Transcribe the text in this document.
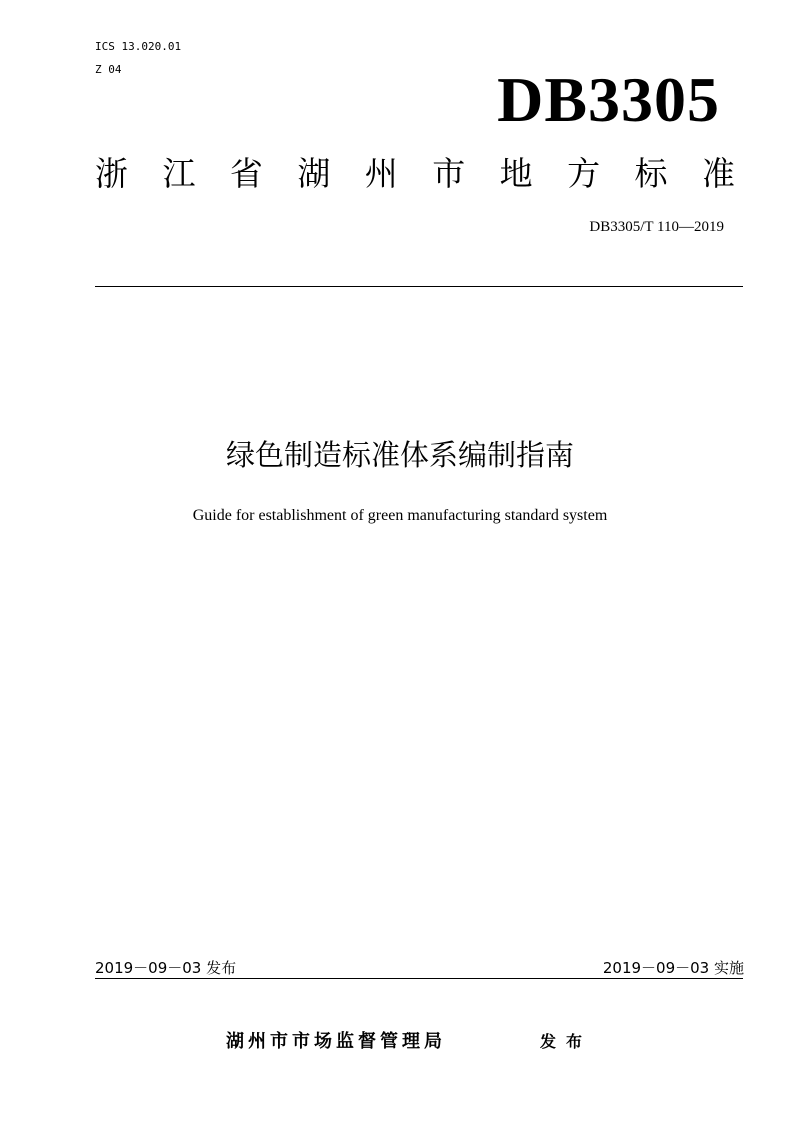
ICS 13.020.01
Z 04	DB3305
浙 江 省 湖 州 市 地 方 标 准
DB3305/T 110—2019
绿色制造标准体系编制指南
Guide for establishment of green manufacturing standard system
2019－09－03 发布	2019－09－03 实施
湖州市市场监督管理局	发布
